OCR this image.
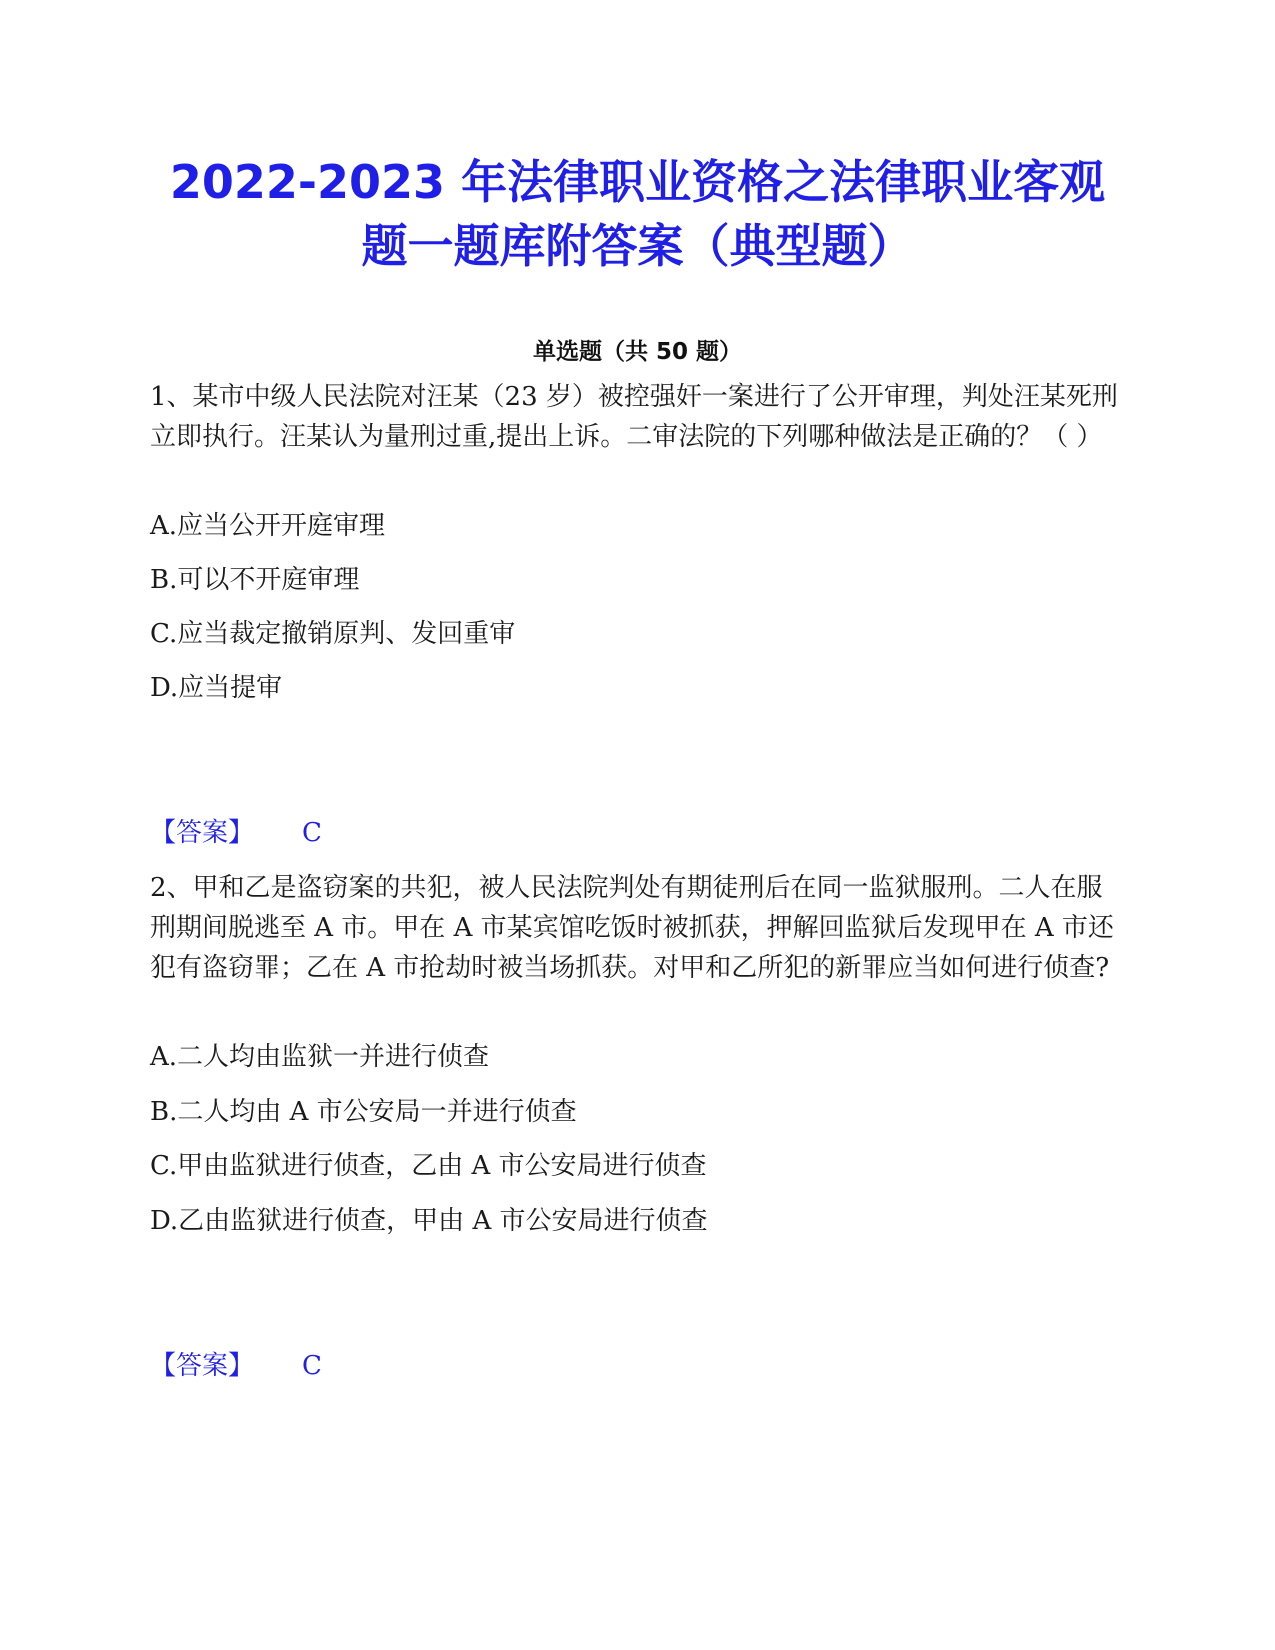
2022-2023 年法律职业资格之法律职业客观
题一题库附答案（典型题）
单选题（共 50 题）

1、某市中级人民法院对汪某（23 岁）被控强奸一案进行了公开审理，判处汪某死刑立即执行。汪某认为量刑过重,提出上诉。二审法院的下列哪种做法是正确的？（ ）

A.应当公开开庭审理

B.可以不开庭审理

C.应当裁定撤销原判、发回重审

D.应当提审

【答案】 C

2、甲和乙是盗窃案的共犯，被人民法院判处有期徒刑后在同一监狱服刑。二人在服刑期间脱逃至 A 市。甲在 A 市某宾馆吃饭时被抓获，押解回监狱后发现甲在 A 市还犯有盗窃罪；乙在 A 市抢劫时被当场抓获。对甲和乙所犯的新罪应当如何进行侦查?

A.二人均由监狱一并进行侦查

B.二人均由 A 市公安局一并进行侦查

C.甲由监狱进行侦查，乙由 A 市公安局进行侦查

D.乙由监狱进行侦查，甲由 A 市公安局进行侦查

【答案】 C
